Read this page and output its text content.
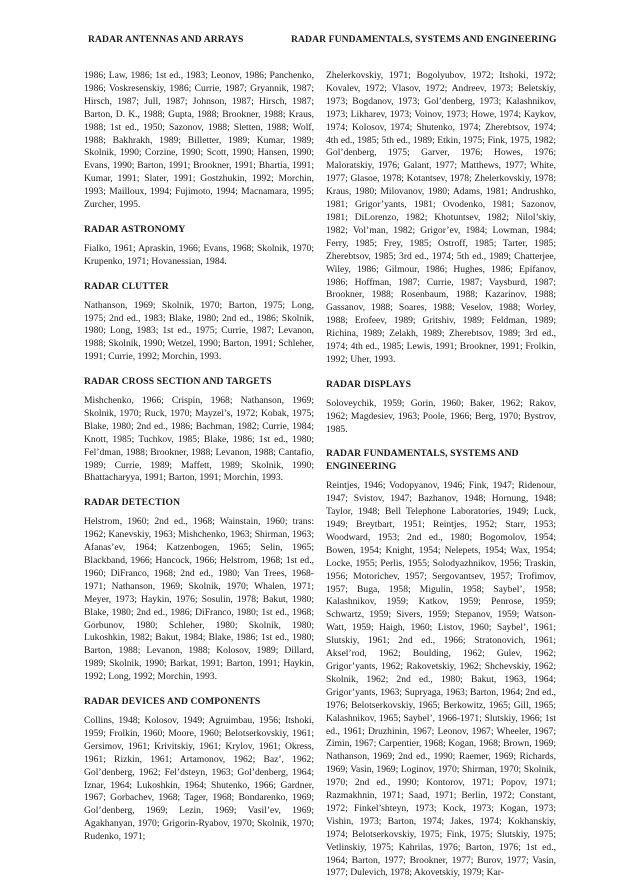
RADAR ANTENNAS AND ARRAYS	RADAR FUNDAMENTALS, SYSTEMS AND ENGINEERING

1986; Law, 1986; 1st ed., 1983; Leonov, 1986; Panchenko, 1986; Voskresenskiy, 1986; Currie, 1987; Gryannik, 1987; Hirsch, 1987; Jull, 1987; Johnson, 1987; Hirsch, 1987; Barton, D. K., 1988; Gupta, 1988; Brookner, 1988; Kraus, 1988; 1st ed., 1950; Sazonov, 1988; Sletten, 1988; Wolf, 1988; Bakhrakh, 1989; Billetter, 1989; Kumar, 1989; Skolnik, 1990; Corzine, 1990; Scott, 1990; Hansen, 1990; Evans, 1990; Barton, 1991; Brookner, 1991; Bhartia, 1991; Kumar, 1991; Slater, 1991; Gostzhukin, 1992; Morchin, 1993; Mailloux, 1994; Fujimoto, 1994; Macnamara, 1995; Zurcher, 1995.

RADAR ASTRONOMY

Fialko, 1961; Apraskin, 1966; Evans, 1968; Skolnik, 1970; Krupenko, 1971; Hovanessian, 1984.

RADAR CLUTTER

Nathanson, 1969; Skolnik, 1970; Barton, 1975; Long, 1975; 2nd ed., 1983; Blake, 1980; 2nd ed., 1986; Skolnik, 1980; Long, 1983; 1st ed., 1975; Currie, 1987; Levanon, 1988; Skolnik, 1990; Wetzel, 1990; Barton, 1991; Schleher, 1991; Currie, 1992; Morchin, 1993.

RADAR CROSS SECTION AND TARGETS

Mishchenko, 1966; Crispin, 1968; Nathanson, 1969; Skolnik, 1970; Ruck, 1970; Mayzel’s, 1972; Kobak, 1975; Blake, 1980; 2nd ed., 1986; Bachman, 1982; Currie, 1984; Knott, 1985; Tuchkov, 1985; Blake, 1986; 1st ed., 1980; Fel’dman, 1988; Brookner, 1988; Levanon, 1988; Cantafio, 1989; Currie, 1989; Maffett, 1989; Skolnik, 1990; Bhattacharyya, 1991; Barton, 1991; Morchin, 1993.

RADAR DETECTION

Helstrom, 1960; 2nd ed., 1968; Wainstain, 1960; trans: 1962; Kanevskiy, 1963; Mishchenko, 1963; Shirman, 1963; Afanas’ev, 1964; Katzenbogen, 1965; Selin, 1965; Blackband, 1966; Hancock, 1966; Helstrom, 1968; 1st ed., 1960; DiFranco, 1968; 2nd ed., 1980; Van Trees, 1968-1971; Nathanson, 1969; Skolnik, 1970; Whalen, 1971; Meyer, 1973; Haykin, 1976; Sosulin, 1978; Bakut, 1980; Blake, 1980; 2nd ed., 1986; DiFranco, 1980; 1st ed., 1968; Gorbunov, 1980; Schleher, 1980; Skolnik, 1980; Lukoshkin, 1982; Bakut, 1984; Blake, 1986; 1st ed., 1980; Barton, 1988; Levanon, 1988; Kolosov, 1989; Dillard, 1989; Skolnik, 1990; Barkat, 1991; Barton, 1991; Haykin, 1992; Long, 1992; Morchin, 1993.

RADAR DEVICES AND COMPONENTS

Collins, 1948; Kolosov, 1949; Agruimbau, 1956; Itshoki, 1959; Frolkin, 1960; Moore, 1960; Belotserkovskiy, 1961; Gersimov, 1961; Krivitskiy, 1961; Krylov, 1961; Okress, 1961; Rizkin, 1961; Artamonov, 1962; Baz’, 1962; Gol’denberg, 1962; Fel’dsteyn, 1963; Gol’denberg, 1964; Iznar, 1964; Lukoshkin, 1964; Shutenko, 1966; Gardner, 1967; Gorbachev, 1968; Tager, 1968; Bondarenko, 1969; Gol’denberg, 1969; Lezin, 1969; Vasil’ev, 1969; Agakhanyan, 1970; Grigorin-Ryabov, 1970; Skolnik, 1970; Rudenko, 1971;

Zhelerkovskiy, 1971; Bogolyubov, 1972; Itshoki, 1972; Kovalev, 1972; Vlasov, 1972; Andreev, 1973; Beletskiy, 1973; Bogdanov, 1973; Gol’denberg, 1973; Kalashnikov, 1973; Likharev, 1973; Voinov, 1973; Howe, 1974; Kaykov, 1974; Kolosov, 1974; Shutenko, 1974; Zherebtsov, 1974; 4th ed., 1985; 5th ed., 1989; Etkin, 1975; Fink, 1975, 1982; Gol’denberg, 1975; Garver, 1976; Howes, 1976; Maloratskiy, 1976; Galant, 1977; Matthews, 1977; White, 1977; Glasoe, 1978; Kotantsev, 1978; Zhelerkovskiy, 1978; Kraus, 1980; Milovanov, 1980; Adams, 1981; Andrushko, 1981; Grigor’yants, 1981; Ovodenko, 1981; Sazonov, 1981; DiLorenzo, 1982; Khotuntsev, 1982; Nilol’skiy, 1982; Vol’man, 1982; Grigor’ev, 1984; Lowman, 1984; Ferry, 1985; Frey, 1985; Ostroff, 1985; Tarter, 1985; Zherebtsov, 1985; 3rd ed., 1974; 5th ed., 1989; Chatterjee, Wiley, 1986; Gilmour, 1986; Hughes, 1986; Epifanov, 1986; Hoffman, 1987; Currie, 1987; Vaysburd, 1987; Brookner, 1988; Rosenbaum, 1988; Kazarinov, 1988; Gassanov, 1988; Soares, 1988; Veselov, 1988; Worley, 1988; Erofeev, 1989; Gritshiv, 1989; Feldman, 1989; Richina, 1989; Zelakh, 1989; Zherebtsov, 1989; 3rd ed., 1974; 4th ed., 1985; Lewis, 1991; Brookner, 1991; Frolkin, 1992; Uher, 1993.

RADAR DISPLAYS

Soloveychik, 1959; Gorin, 1960; Baker, 1962; Rakov, 1962; Magdesiev, 1963; Poole, 1966; Berg, 1970; Bystrov, 1985.

RADAR FUNDAMENTALS, SYSTEMS AND ENGINEERING

Reintjes, 1946; Vodopyanov, 1946; Fink, 1947; Ridenour, 1947; Svistov, 1947; Bazhanov, 1948; Hornung, 1948; Taylor, 1948; Bell Telephone Laboratories, 1949; Luck, 1949; Breytbart, 1951; Reintjes, 1952; Starr, 1953; Woodward, 1953; 2nd ed., 1980; Bogomolov, 1954; Bowen, 1954; Knight, 1954; Nelepets, 1954; Wax, 1954; Locke, 1955; Perlis, 1955; Solodyazhnikov, 1956; Traskin, 1956; Motorichev, 1957; Sergovantsev, 1957; Trofimov, 1957; Buga, 1958; Migulin, 1958; Saybel’, 1958; Kalashnikov, 1959; Katkov, 1959; Penrose, 1959; Schwartz, 1959; Sivers, 1959; Stepanov, 1959; Watson-Watt, 1959; Haigh, 1960; Listov, 1960; Saybel’, 1961; Slutskiy, 1961; 2nd ed., 1966; Stratonovich, 1961; Aksel’rod, 1962; Boulding, 1962; Gulev, 1962; Grigor’yants, 1962; Rakovetskiy, 1962; Shchevskiy, 1962; Skolnik, 1962; 2nd ed., 1980; Bakut, 1963, 1964; Grigor’yants, 1963; Supryaga, 1963; Barton, 1964; 2nd ed., 1976; Belotserkovskiy, 1965; Berkowitz, 1965; Gill, 1965; Kalashnikov, 1965; Saybel’, 1966-1971; Slutskiy, 1966; 1st ed., 1961; Druzhinin, 1967; Leonov, 1967; Wheeler, 1967; Zimin, 1967; Carpentier, 1968; Kogan, 1968; Brown, 1969; Nathanson, 1969; 2nd ed., 1990; Raemer, 1969; Richards, 1969; Vasin, 1969; Loginov, 1970; Shirman, 1970; Skolnik, 1970; 2nd ed., 1990; Kontorov, 1971; Popov, 1971; Razmakhnin, 1971; Saad, 1971; Berlin, 1972; Constant, 1972; Finkel’shteyn, 1973; Kock, 1973; Kogan, 1973; Vishin, 1973; Barton, 1974; Jakes, 1974; Kokhanskiy, 1974; Belotserkovskiy, 1975; Fink, 1975; Slutskiy, 1975; Vetlinskiy, 1975; Kahrilas, 1976; Barton, 1976; 1st ed., 1964; Barton, 1977; Brookner, 1977; Burov, 1977; Vasin, 1977; Dulevich, 1978; Akovetskiy, 1979; Kar-
